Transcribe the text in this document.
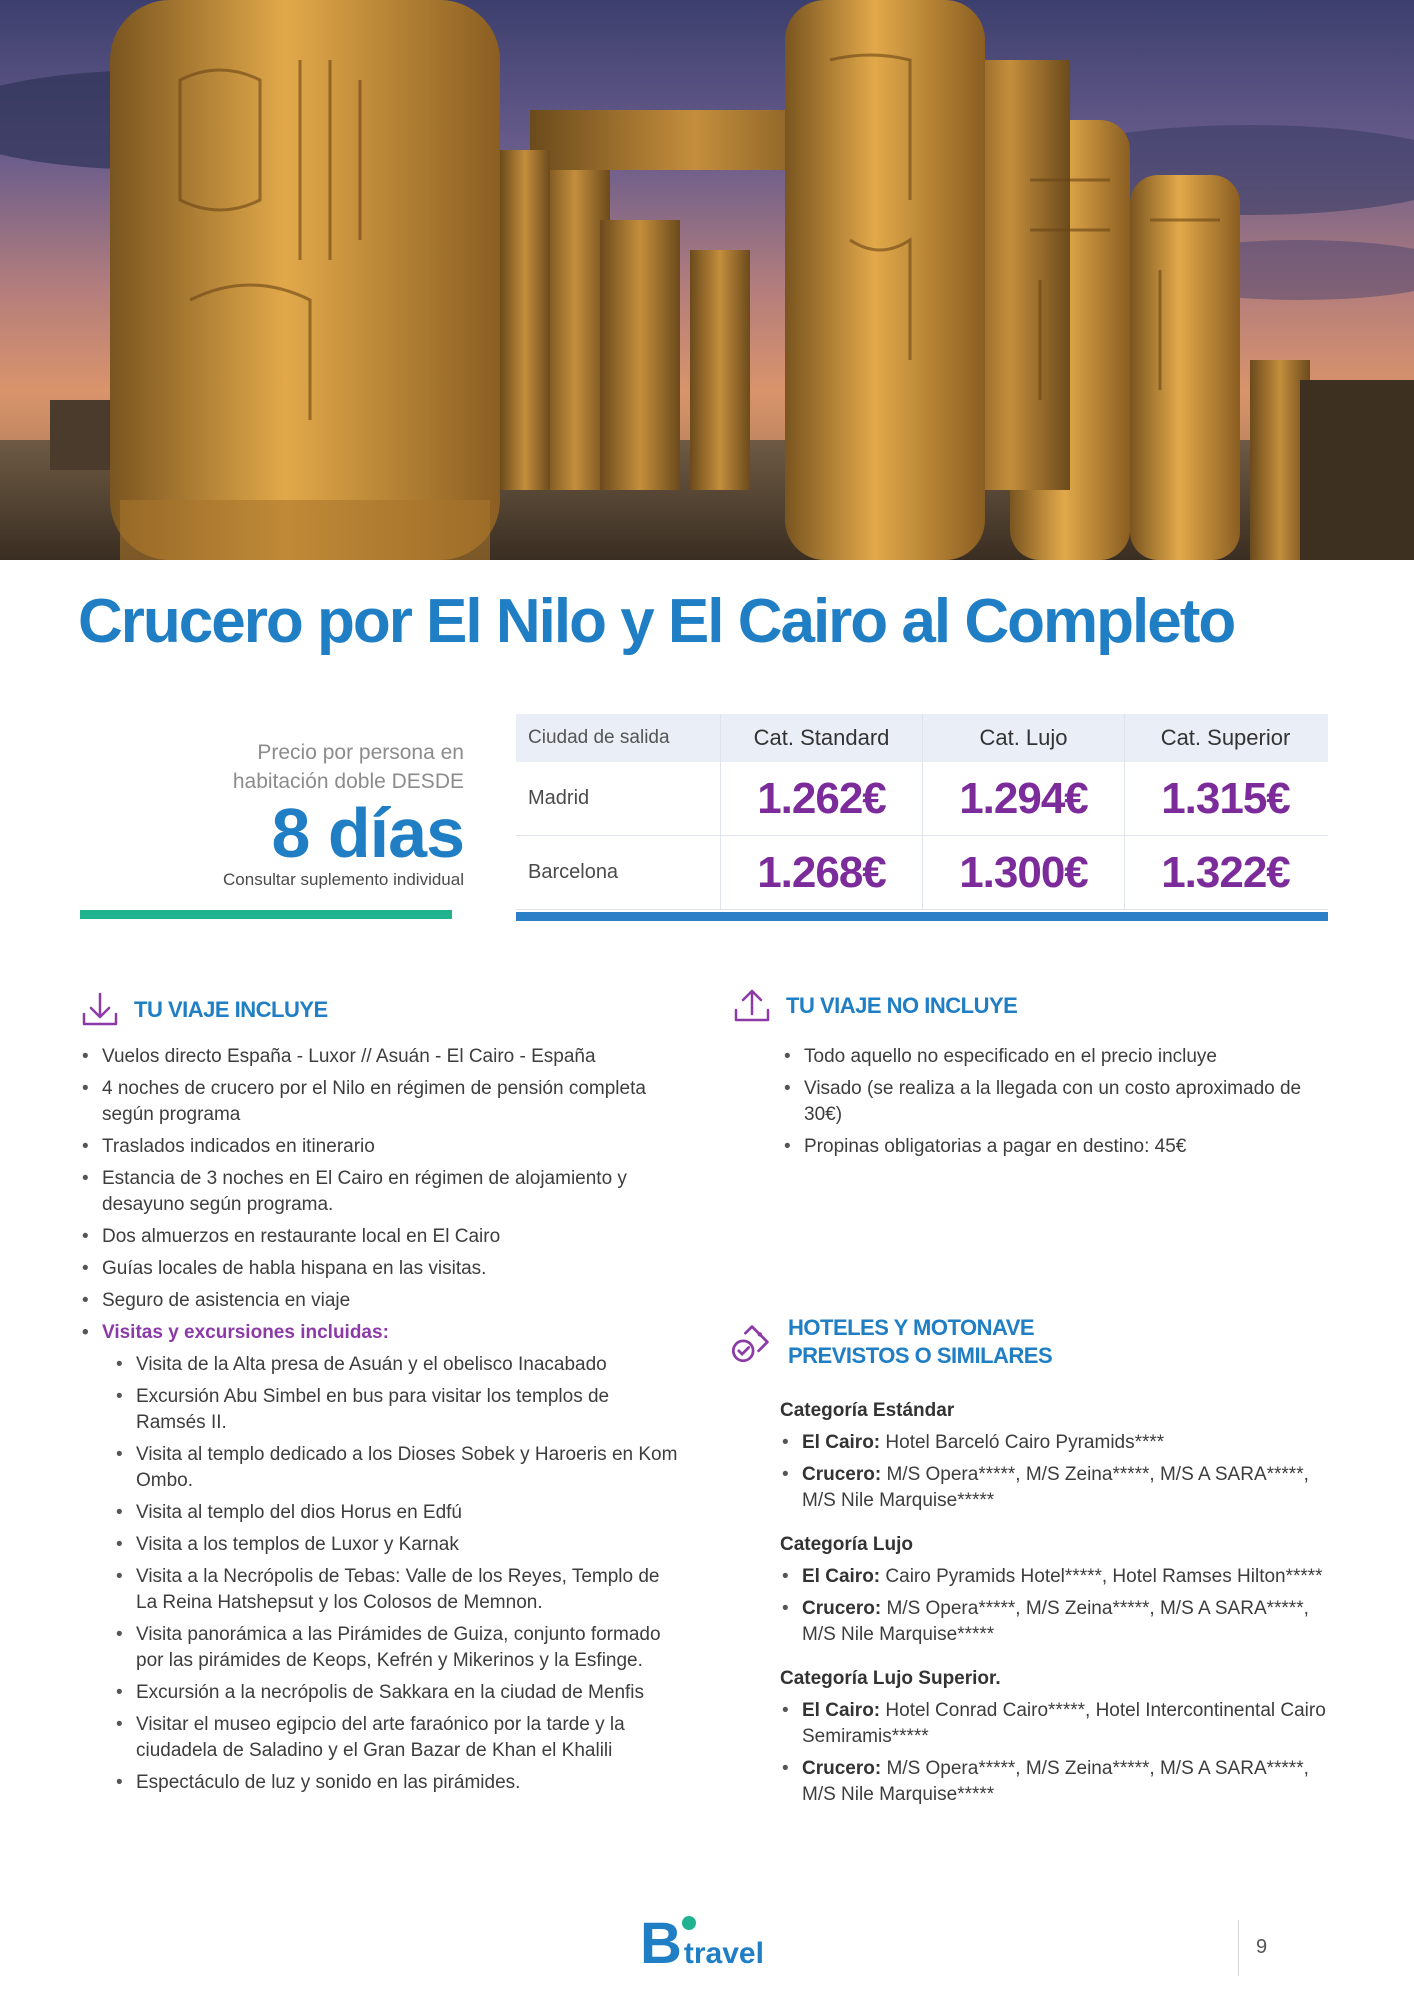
Crucero por El Nilo y El Cairo al Completo
Precio por persona en
habitación doble DESDE
8 días
Consultar suplemento individual
Ciudad de salida	Cat. Standard	Cat. Lujo	Cat. Superior
Madrid	1.262€	1.294€	1.315€
Barcelona	1.268€	1.300€	1.322€
TU VIAJE INCLUYE
• Vuelos directo España - Luxor // Asuán - El Cairo - España
• 4 noches de crucero por el Nilo en régimen de pensión completa según programa
• Traslados indicados en itinerario
• Estancia de 3 noches en El Cairo en régimen de alojamiento y desayuno según programa.
• Dos almuerzos en restaurante local en El Cairo
• Guías locales de habla hispana en las visitas.
• Seguro de asistencia en viaje
• Visitas y excursiones incluidas:
• Visita de la Alta presa de Asuán y el obelisco Inacabado
• Excursión Abu Simbel en bus para visitar los templos de Ramsés II.
• Visita al templo dedicado a los Dioses Sobek y Haroeris en Kom Ombo.
• Visita al templo del dios Horus en Edfú
• Visita a los templos de Luxor y Karnak
• Visita a la Necrópolis de Tebas: Valle de los Reyes, Templo de La Reina Hatshepsut y los Colosos de Memnon.
• Visita panorámica a las Pirámides de Guiza, conjunto formado por las pirámides de Keops, Kefrén y Mikerinos y la Esfinge.
• Excursión a la necrópolis de Sakkara en la ciudad de Menfis
• Visitar el museo egipcio del arte faraónico por la tarde y la ciudadela de Saladino y el Gran Bazar de Khan el Khalili
• Espectáculo de luz y sonido en las pirámides.
TU VIAJE NO INCLUYE
• Todo aquello no especificado en el precio incluye
• Visado (se realiza a la llegada con un costo aproximado de 30€)
• Propinas obligatorias a pagar en destino: 45€
HOTELES Y MOTONAVE
PREVISTOS O SIMILARES
Categoría Estándar
• El Cairo: Hotel Barceló Cairo Pyramids****
• Crucero: M/S Opera*****, M/S Zeina*****, M/S A SARA*****, M/S Nile Marquise*****
Categoría Lujo
• El Cairo: Cairo Pyramids Hotel*****, Hotel Ramses Hilton*****
• Crucero: M/S Opera*****, M/S Zeina*****, M/S A SARA*****, M/S Nile Marquise*****
Categoría Lujo Superior.
• El Cairo: Hotel Conrad Cairo*****, Hotel Intercontinental Cairo Semiramis*****
• Crucero: M/S Opera*****, M/S Zeina*****, M/S A SARA*****, M/S Nile Marquise*****
B travel	9
